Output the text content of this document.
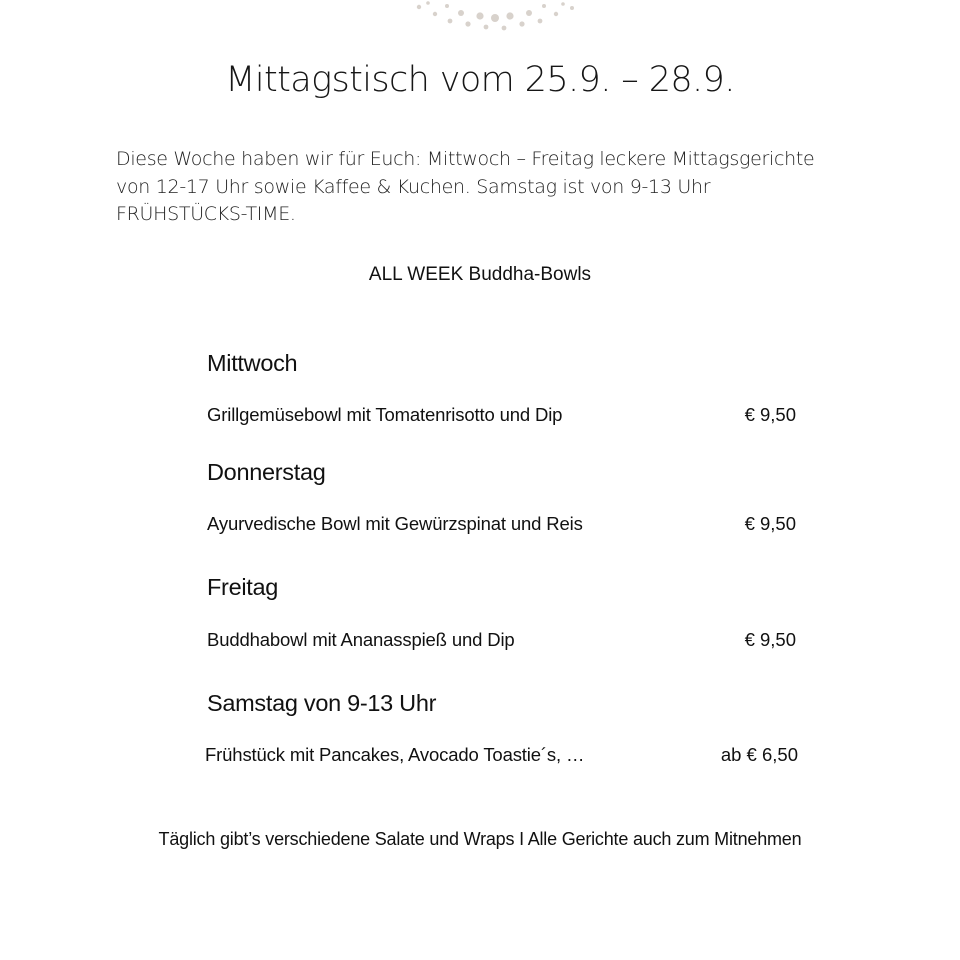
Mittagstisch vom 25.9. – 28.9.
Diese Woche haben wir für Euch: Mittwoch – Freitag leckere Mittagsgerichte von 12-17 Uhr sowie Kaffee & Kuchen. Samstag ist von 9-13 Uhr FRÜHSTÜCKS-TIME.
ALL WEEK Buddha-Bowls
Mittwoch
Grillgemüsebowl mit Tomatenrisotto und Dip	€ 9,50
Donnerstag
Ayurvedische Bowl mit Gewürzspinat und Reis	€ 9,50
Freitag
Buddhabowl mit Ananasspieß und Dip	€ 9,50
Samstag von 9-13 Uhr
Frühstück mit Pancakes, Avocado Toastie´s, …	ab € 6,50
Täglich gibt’s verschiedene Salate und Wraps I Alle Gerichte auch zum Mitnehmen
